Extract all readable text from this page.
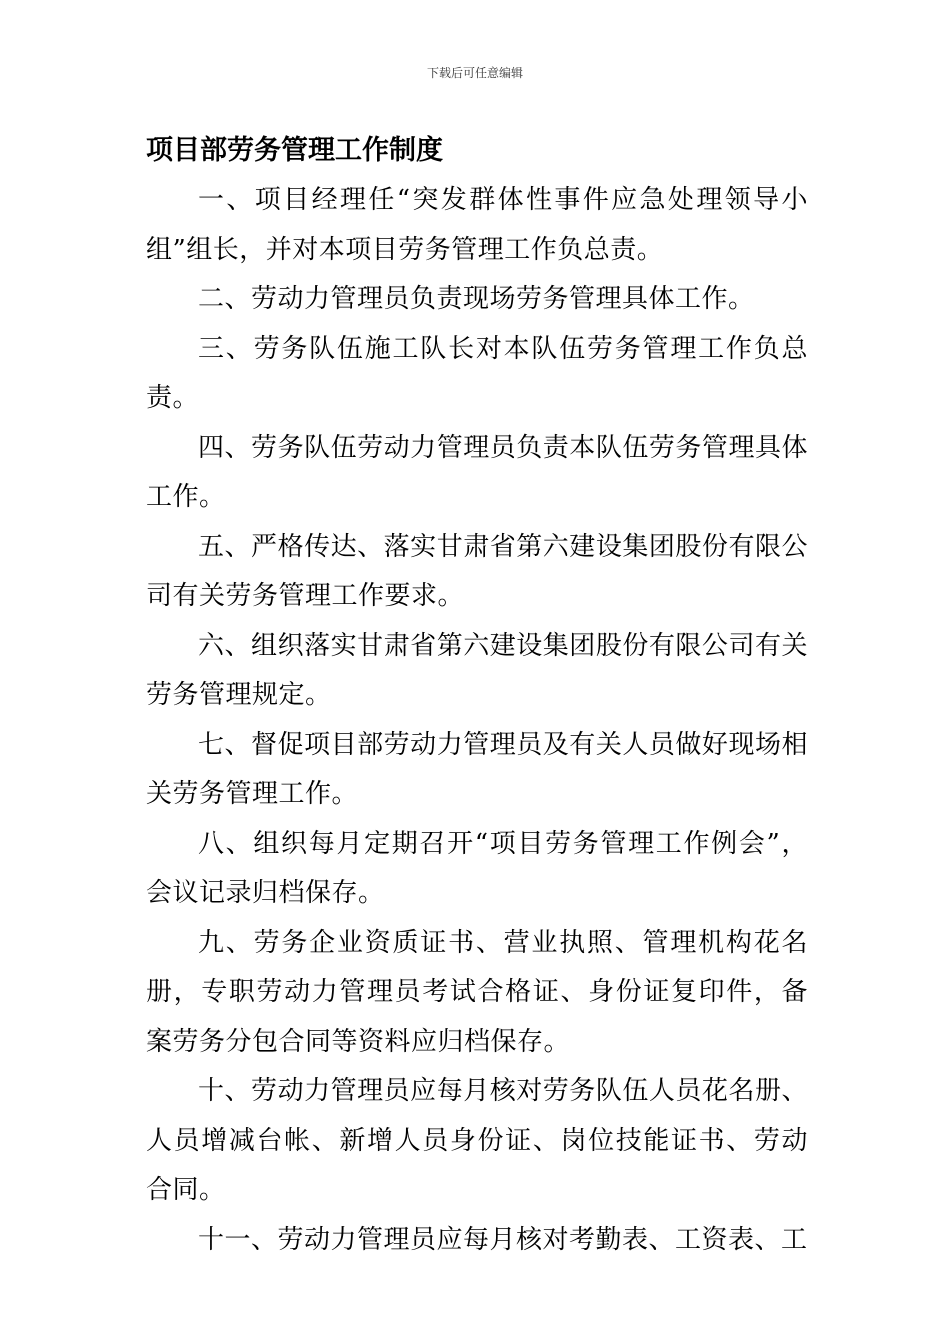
下载后可任意编辑
项目部劳务管理工作制度

一、项目经理任“突发群体性事件应急处理领导小组”组长，并对本项目劳务管理工作负总责。

二、劳动力管理员负责现场劳务管理具体工作。

三、劳务队伍施工队长对本队伍劳务管理工作负总责。

四、劳务队伍劳动力管理员负责本队伍劳务管理具体工作。

五、严格传达、落实甘肃省第六建设集团股份有限公司有关劳务管理工作要求。

六、组织落实甘肃省第六建设集团股份有限公司有关劳务管理规定。

七、督促项目部劳动力管理员及有关人员做好现场相关劳务管理工作。

八、组织每月定期召开“项目劳务管理工作例会”，会议记录归档保存。

九、劳务企业资质证书、营业执照、管理机构花名册，专职劳动力管理员考试合格证、身份证复印件，备案劳务分包合同等资料应归档保存。

十、劳动力管理员应每月核对劳务队伍人员花名册、人员增减台帐、新增人员身份证、岗位技能证书、劳动合同。

十一、劳动力管理员应每月核对考勤表、工资表、工
